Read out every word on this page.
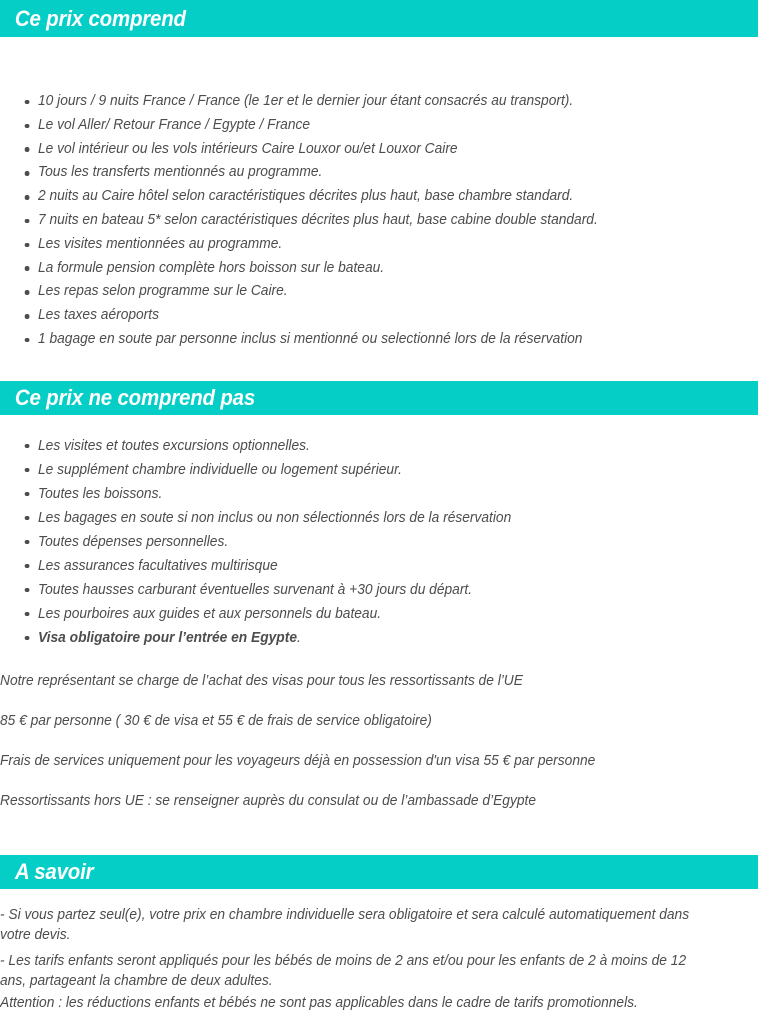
Ce prix comprend
10 jours / 9 nuits France / France (le 1er et le dernier jour étant consacrés au transport).
Le vol Aller/ Retour France / Egypte / France
Le vol intérieur ou les vols intérieurs Caire Louxor ou/et Louxor Caire
Tous les transferts mentionnés au programme.
2 nuits au Caire hôtel selon caractéristiques décrites plus haut, base chambre standard.
7 nuits en bateau 5* selon caractéristiques décrites plus haut, base cabine double standard.
Les visites mentionnées au programme.
La formule pension complète hors boisson sur le bateau.
Les repas selon programme sur le Caire.
Les taxes aéroports
1 bagage en soute par personne inclus si mentionné ou selectionné lors de la réservation
Ce prix ne comprend pas
Les visites et toutes excursions optionnelles.
Le supplément chambre individuelle ou logement supérieur.
Toutes les boissons.
Les bagages en soute si non inclus ou non sélectionnés lors de la réservation
Toutes dépenses personnelles.
Les assurances facultatives multirisque
Toutes hausses carburant éventuelles survenant à +30 jours du départ.
Les pourboires aux guides et aux personnels du bateau.
Visa obligatoire pour l’entrée en Egypte.

Notre représentant se charge de l’achat des visas pour tous les ressortissants de l’UE

85 € par personne ( 30 € de visa et 55 € de frais de service obligatoire)

Frais de services uniquement pour les voyageurs déjà en possession d'un visa 55 € par personne

Ressortissants hors UE : se renseigner auprès du consulat ou de l’ambassade d’Egypte

A savoir

- Si vous partez seul(e), votre prix en chambre individuelle sera obligatoire et sera calculé automatiquement dans votre devis.

- Les tarifs enfants seront appliqués pour les bébés de moins de 2 ans et/ou pour les enfants de 2 à moins de 12 ans, partageant la chambre de deux adultes.

Attention : les réductions enfants et bébés ne sont pas applicables dans le cadre de tarifs promotionnels.
